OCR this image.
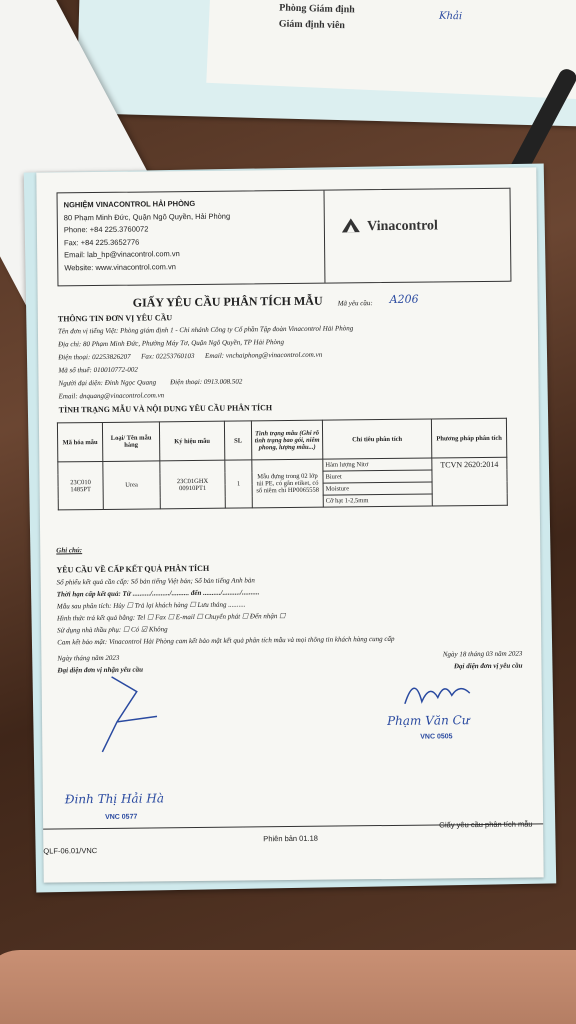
Phòng Giám định
Giám định viên
Khải
NGHIỆM VINACONTROL HẢI PHÒNG
80 Phạm Minh Đức, Quận Ngô Quyền, Hải Phòng
Phone: +84 225.3760072
Fax: +84 225.3652776
Email: lab_hp@vinacontrol.com.vn
Website: www.vinacontrol.com.vn
Vinacontrol
GIẤY YÊU CẦU PHÂN TÍCH MẪU	Mã yêu cầu: A206
THÔNG TIN ĐƠN VỊ YÊU CẦU
Tên đơn vị tiếng Việt: Phòng giám định 1 - Chi nhánh Công ty Cổ phần Tập đoàn Vinacontrol Hải Phòng
Địa chỉ: 80 Phạm Minh Đức, Phường Máy Tơ, Quận Ngô Quyền, TP Hải Phòng
Điện thoại: 02253826207 Fax: 02253760103 Email: vnchaiphong@vinacontrol.com.vn
Mã số thuế: 010010772-002
Người đại diện: Đinh Ngọc Quang Điện thoại: 0913.008.502
Email: dnquang@vinacontrol.com.vn
TÌNH TRẠNG MẪU VÀ NỘI DUNG YÊU CẦU PHÂN TÍCH
Mã hóa mẫu	Loại/ Tên mẫu hàng	Ký hiệu mẫu	SL	Tình trạng mẫu (Ghi rõ tình trạng bao gói, niêm phong, lượng mẫu...)	Chỉ tiêu phân tích	Phương pháp phân tích
23C010 1485PT	Urea	23C01GHX 00910PT1	1	Mẫu đựng trong 02 lớp túi PE, có gắn etiket, có số niêm chì HP0065558	Hàm lượng Nitơ	TCVN 2620:2014
					Biuret	
					Moisture	
					Cỡ hạt 1-2,5mm	
Ghi chú:
YÊU CẦU VỀ CẤP KẾT QUẢ PHÂN TÍCH
Số phiếu kết quả cần cấp: Số bản tiếng Việt bản; Số bản tiếng Anh bản
Thời hạn cấp kết quả: Từ ........../........../.......... đến ........../........../..........
Mẫu sau phân tích: Hủy ☐ Trả lại khách hàng ☐ Lưu tháng ..........
Hình thức trả kết quả bằng: Tel ☐ Fax ☐ E-mail ☐ Chuyển phát ☐ Đến nhận ☐
Sử dụng nhà thầu phụ: ☐ Có ☑ Không
Cam kết bảo mật: Vinacontrol Hải Phòng cam kết bảo mật kết quả phân tích mẫu và mọi thông tin khách hàng cung cấp
Ngày tháng năm 2023	Ngày 18 tháng 03 năm 2023
Đại diện đơn vị nhận yêu cầu	Đại diện đơn vị yêu cầu
Phạm Văn Cư
VNC 0505
Đinh Thị Hải Hà
VNC 0577
QLF-06.01/VNC
Phiên bản 01.18
Giấy yêu cầu phân tích mẫu
